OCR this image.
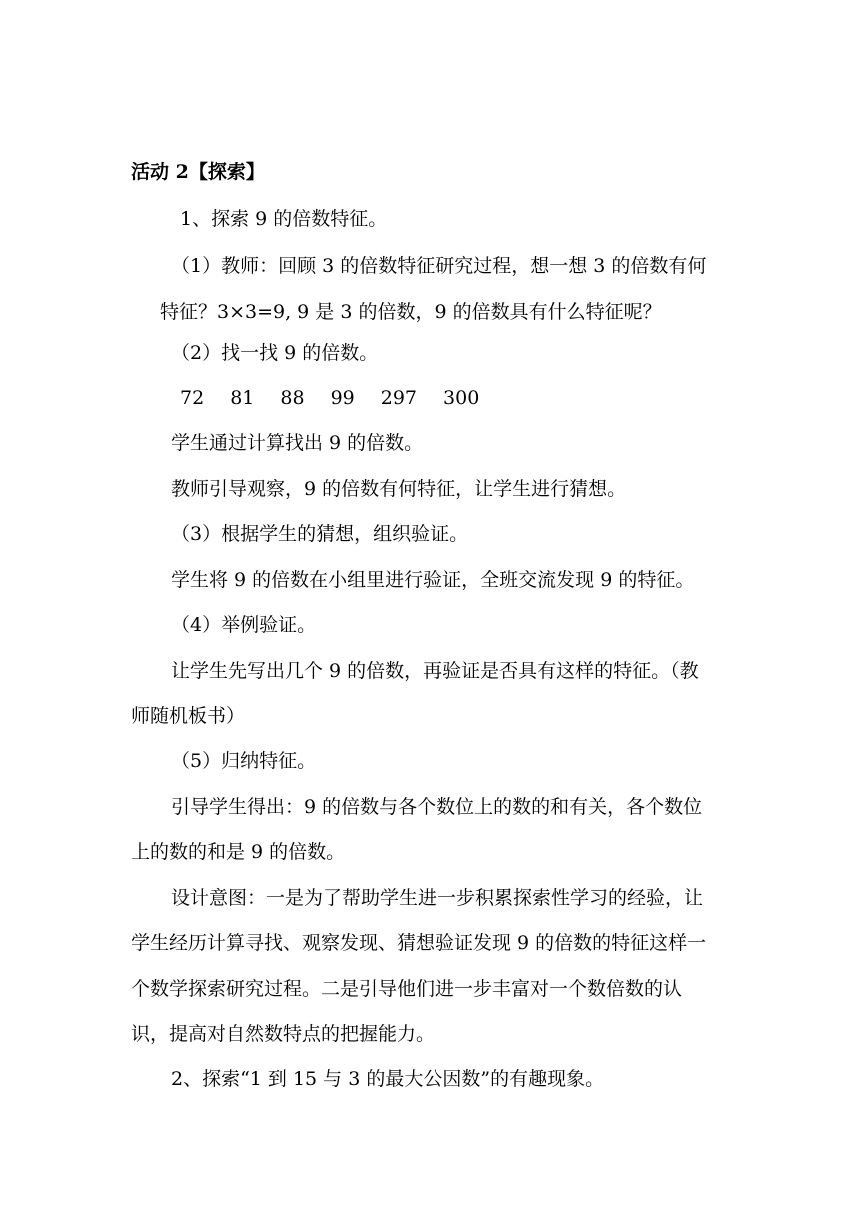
活动 2【探索】
1、探索 9 的倍数特征。
（1）教师：回顾 3 的倍数特征研究过程，想一想 3 的倍数有何
特征？3×3=9, 9 是 3 的倍数，9 的倍数具有什么特征呢？
（2）找一找 9 的倍数。
72 81 88 99 297 300
学生通过计算找出 9 的倍数。
教师引导观察，9 的倍数有何特征，让学生进行猜想。
（3）根据学生的猜想，组织验证。
学生将 9 的倍数在小组里进行验证，全班交流发现 9 的特征。
（4）举例验证。
让学生先写出几个 9 的倍数，再验证是否具有这样的特征。（教
师随机板书）
（5）归纳特征。
引导学生得出：9 的倍数与各个数位上的数的和有关，各个数位
上的数的和是 9 的倍数。
设计意图：一是为了帮助学生进一步积累探索性学习的经验，让
学生经历计算寻找、观察发现、猜想验证发现 9 的倍数的特征这样一
个数学探索研究过程。二是引导他们进一步丰富对一个数倍数的认
识，提高对自然数特点的把握能力。
2、探索“1 到 15 与 3 的最大公因数”的有趣现象。
